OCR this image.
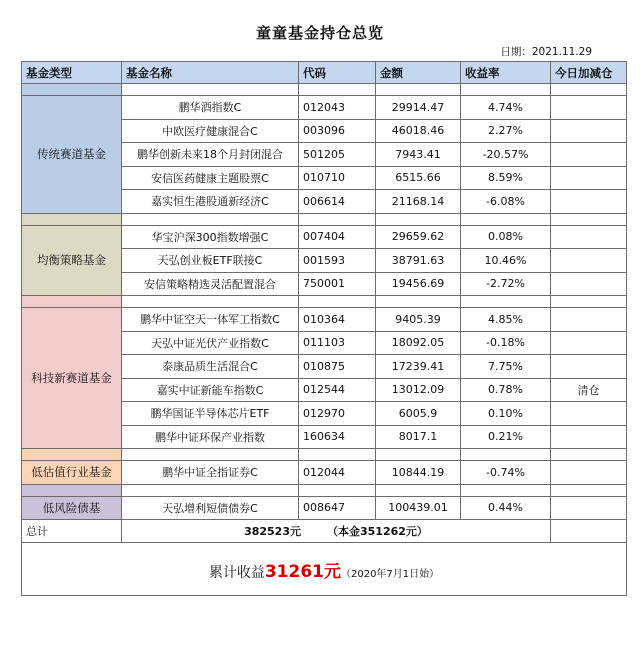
童童基金持仓总览
日期：2021.11.29
基金类型	基金名称	代码	金额	收益率	今日加减仓

传统赛道基金	鹏华酒指数C	012043	29914.47	4.74%	
	中欧医疗健康混合C	003096	46018.46	2.27%	
	鹏华创新未来18个月封闭混合	501205	7943.41	-20.57%	
	安信医药健康主题股票C	010710	6515.66	8.59%	
	嘉实恒生港股通新经济C	006614	21168.14	-6.08%	

均衡策略基金	华宝沪深300指数增强C	007404	29659.62	0.08%	
	天弘创业板ETF联接C	001593	38791.63	10.46%	
	安信策略精选灵活配置混合	750001	19456.69	-2.72%	

科技新赛道基金	鹏华中证空天一体军工指数C	010364	9405.39	4.85%	
	天弘中证光伏产业指数C	011103	18092.05	-0.18%	
	泰康品质生活混合C	010875	17239.41	7.75%	
	嘉实中证新能车指数C	012544	13012.09	0.78%	清仓
	鹏华国证半导体芯片ETF	012970	6005.9	0.10%	
	鹏华中证环保产业指数	160634	8017.1	0.21%	

低估值行业基金	鹏华中证全指证券C	012044	10844.19	-0.74%	

低风险债基	天弘增利短债债券C	008647	100439.01	0.44%	
总计	382523元 （本金351262元）				
累计收益31261元（2020年7月1日始）					
